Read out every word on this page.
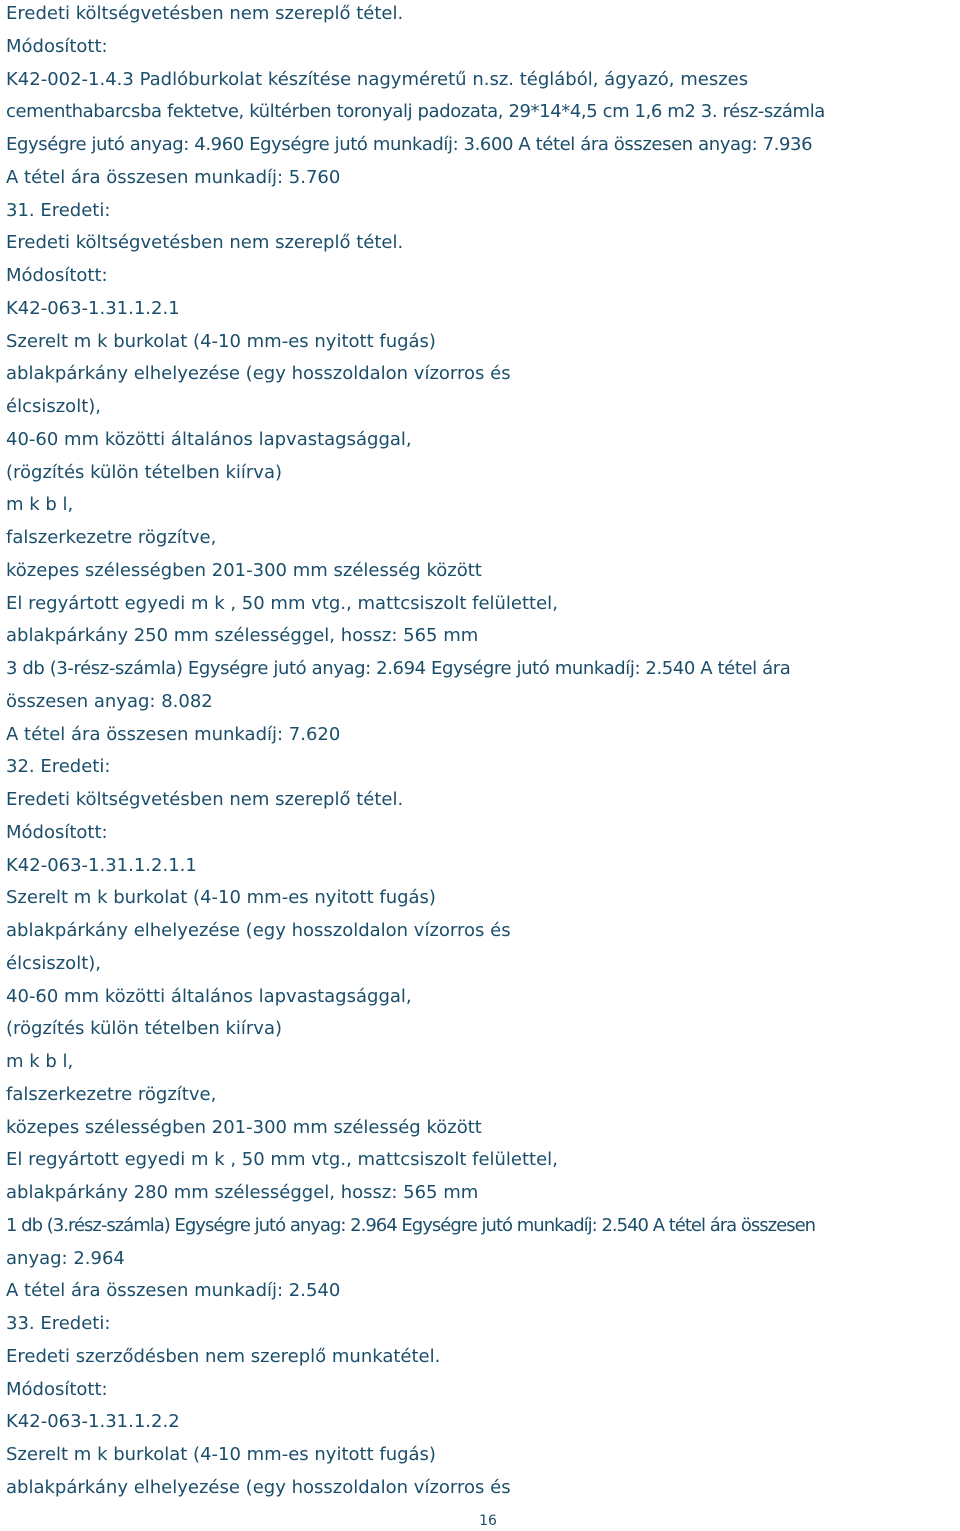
Eredeti költségvetésben nem szereplő tétel.
Módosított:
K42-002-1.4.3 Padlóburkolat készítése nagyméretű n.sz. téglából, ágyazó, meszes
cementhabarcsba fektetve, kültérben toronyalj padozata, 29*14*4,5 cm 1,6 m2 3. rész-számla
Egységre jutó anyag: 4.960 Egységre jutó munkadíj: 3.600 A tétel ára összesen anyag: 7.936
A tétel ára összesen munkadíj: 5.760
31. Eredeti:
Eredeti költségvetésben nem szereplő tétel.
Módosított:
K42-063-1.31.1.2.1
Szerelt m k burkolat (4-10 mm-es nyitott fugás)
ablakpárkány elhelyezése (egy hosszoldalon vízorros és
élcsiszolt),
40-60 mm közötti általános lapvastagsággal,
(rögzítés külön tételben kiírva)
m k b l,
falszerkezetre rögzítve,
közepes szélességben 201-300 mm szélesség között
El regyártott egyedi m k , 50 mm vtg., mattcsiszolt felülettel,
ablakpárkány 250 mm szélességgel, hossz: 565 mm
3 db (3-rész-számla) Egységre jutó anyag: 2.694 Egységre jutó munkadíj: 2.540 A tétel ára
összesen anyag: 8.082
A tétel ára összesen munkadíj: 7.620
32. Eredeti:
Eredeti költségvetésben nem szereplő tétel.
Módosított:
K42-063-1.31.1.2.1.1
Szerelt m k burkolat (4-10 mm-es nyitott fugás)
ablakpárkány elhelyezése (egy hosszoldalon vízorros és
élcsiszolt),
40-60 mm közötti általános lapvastagsággal,
(rögzítés külön tételben kiírva)
m k b l,
falszerkezetre rögzítve,
közepes szélességben 201-300 mm szélesség között
El regyártott egyedi m k , 50 mm vtg., mattcsiszolt felülettel,
ablakpárkány 280 mm szélességgel, hossz: 565 mm
1 db (3.rész-számla) Egységre jutó anyag: 2.964 Egységre jutó munkadíj: 2.540 A tétel ára összesen
anyag: 2.964
A tétel ára összesen munkadíj: 2.540
33. Eredeti:
Eredeti szerződésben nem szereplő munkatétel.
Módosított:
K42-063-1.31.1.2.2
Szerelt m k burkolat (4-10 mm-es nyitott fugás)
ablakpárkány elhelyezése (egy hosszoldalon vízorros és
16
